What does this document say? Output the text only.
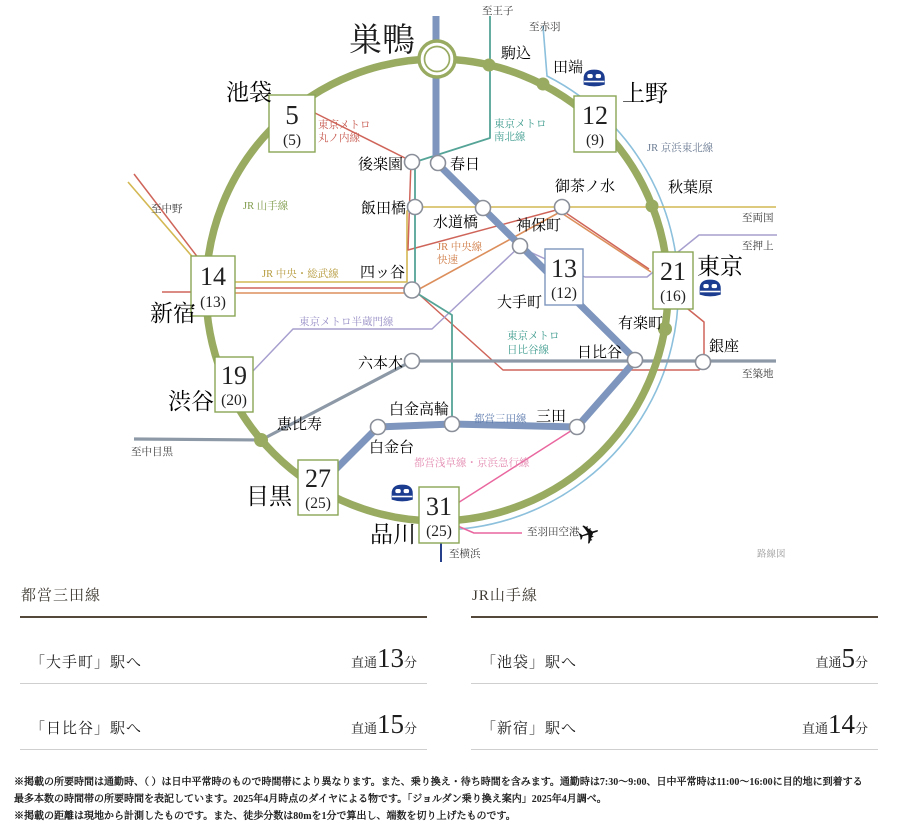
5
(5)
12
(9)
14
(13)
19
(20)
27
(25)	31
(25)
21
(16)
13
(12)
巣鴨
池袋	上野
新宿
渋谷
目黒
品川
東京
駒込
田端
秋葉原
後楽園	春日
飯田橋
水道橋
御茶ノ水
神保町
四ッ谷
大手町
有楽町
銀座
日比谷
六本木
恵比寿
白金高輪
白金台
三田
至王子
至赤羽
至中野
至両国
至押上
至築地
至中目黒
至横浜
至羽田空港
路線図
JR 山手線
東京メトロ
丸ノ内線
東京メトロ
南北線
JR 中央・総武線
JR 中央線
快速
東京メトロ半蔵門線
東京メトロ
日比谷線
都営三田線
都営浅草線・京浜急行線
JR 京浜東北線
✈
都営三田線
「大手町」駅へ	直通13分
「日比谷」駅へ	直通15分
JR山手線
「池袋」駅へ	直通5分
「新宿」駅へ	直通14分
※掲載の所要時間は通勤時、（ ）は日中平常時のもので時間帯により異なります。また、乗り換え・待ち時間を含みます。通勤時は7:30～9:00、日中平常時は11:00～16:00に目的地に到着する
最多本数の時間帯の所要時間を表記しています。2025年4月時点のダイヤによる物です。「ジョルダン乗り換え案内」2025年4月調べ。
※掲載の距離は現地から計測したものです。また、徒歩分数は80mを1分で算出し、端数を切り上げたものです。
